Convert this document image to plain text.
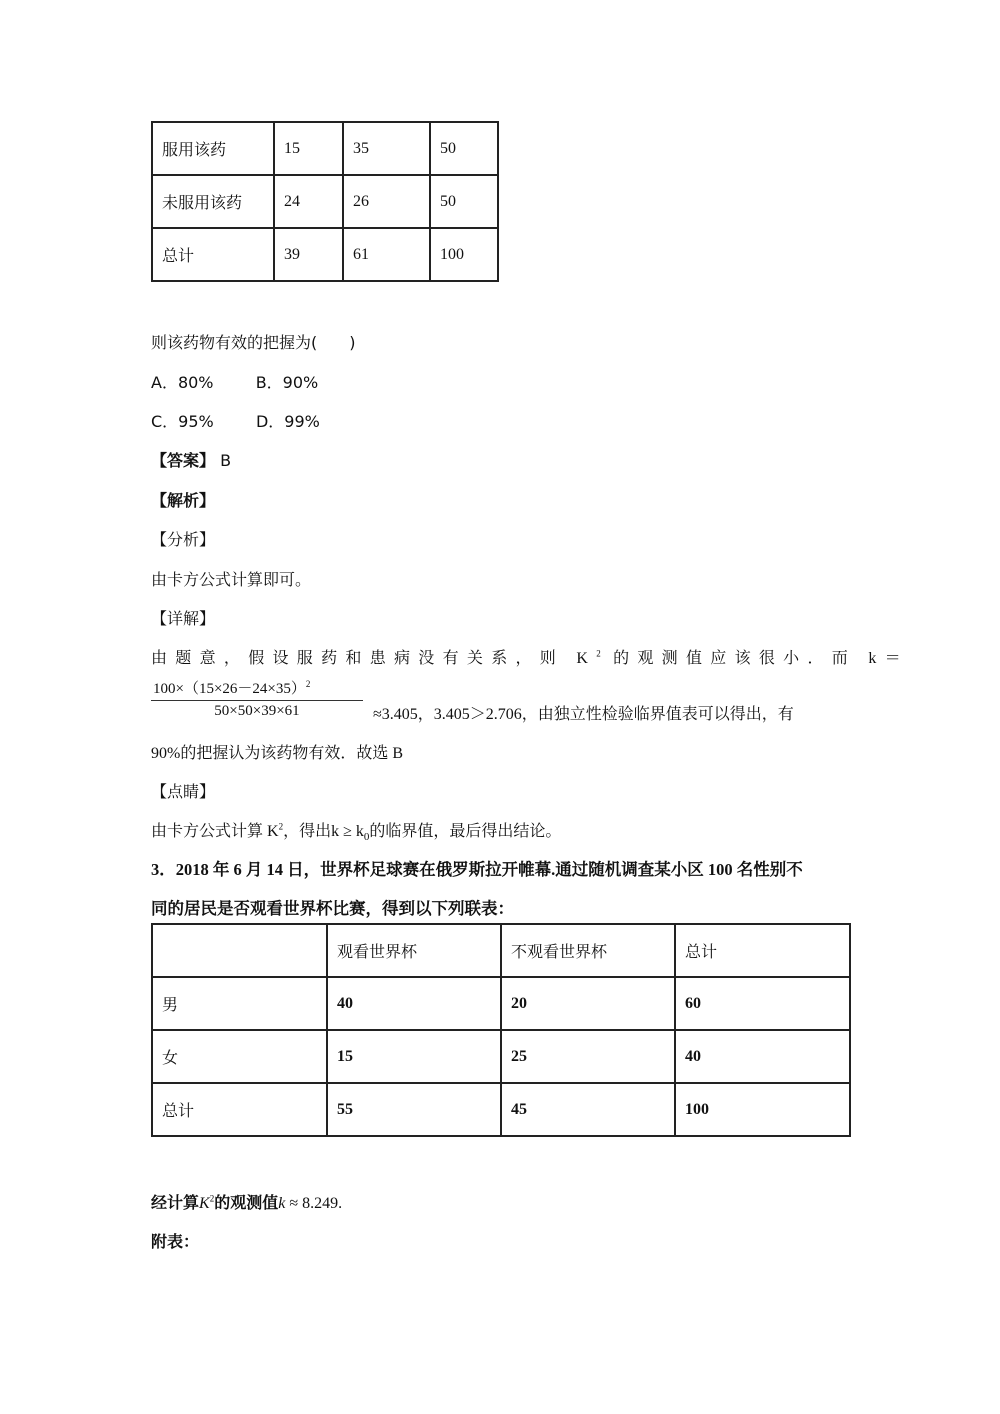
服用该药	15	35	50
未服用该药	24	26	50
总计	39	61	100
则该药物有效的把握为(　　)
A．80%	B．90%
C．95%	D．99%
【答案】 B
【解析】
【分析】
由卡方公式计算即可。
【详解】
由题意，假设服药和患病没有关系，则 $K^2$ 的观测值应该很小．而 k＝
$100\times(15\times 26-24\times 35)^2$
50×50×39×61	≈3.405，3.405＞2.706，由独立性检验临界值表可以得出，有
90%的把握认为该药物有效．故选 B
【点睛】
由卡方公式计算 $K^2$，得出$k \ge k_0$的临界值，最后得出结论。
3．2018 年 6 月 14 日，世界杯足球赛在俄罗斯拉开帷幕.通过随机调查某小区 100 名性别不
同的居民是否观看世界杯比赛，得到以下列联表：
	观看世界杯	不观看世界杯	总计
男	40	20	60
女	15	25	40
总计	55	45	100
经计算$K^2$的观测值k ≈ 8.249.
附表：
